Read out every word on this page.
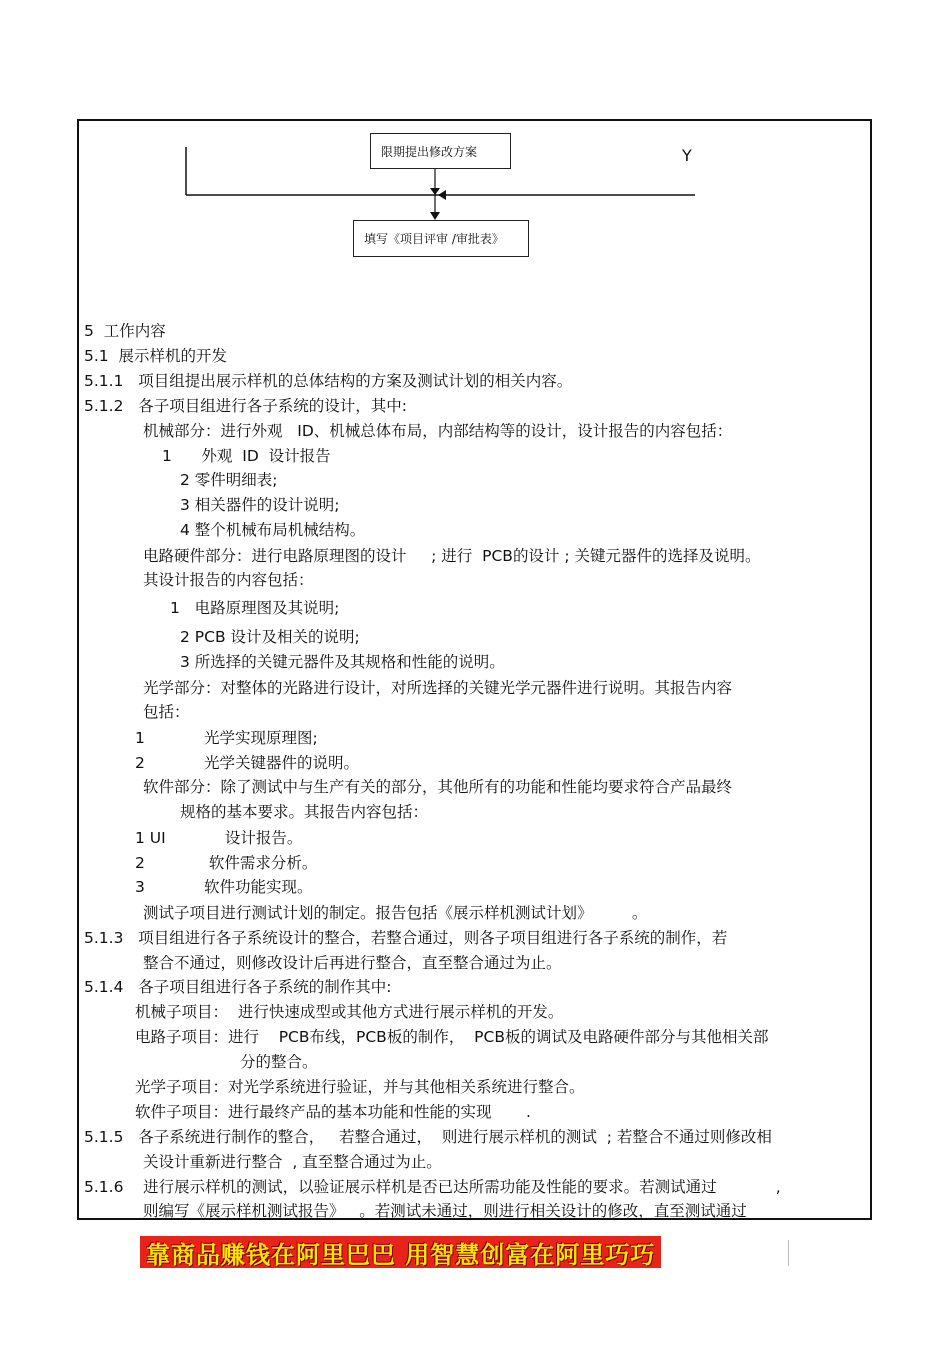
限期提出修改方案
填写《项目评审 /审批表》
Y
5  工作内容
5.1  展示样机的开发
5.1.1   项目组提出展示样机的总体结构的方案及测试计划的相关内容。
5.1.2   各子项目组进行各子系统的设计，其中:
机械部分：进行外观   ID、机械总体布局，内部结构等的设计，设计报告的内容包括：
1      外观  ID  设计报告
2 零件明细表;
3 相关器件的设计说明;
4 整个机械布局机械结构。
电路硬件部分：进行电路原理图的设计     ; 进行  PCB的设计 ; 关键元器件的选择及说明。
其设计报告的内容包括：
1   电路原理图及其说明;
2 PCB 设计及相关的说明;
3 所选择的关键元器件及其规格和性能的说明。
光学部分：对整体的光路进行设计，对所选择的关键光学元器件进行说明。其报告内容
包括：
1            光学实现原理图;
2            光学关键器件的说明。
软件部分：除了测试中与生产有关的部分，其他所有的功能和性能均要求符合产品最终
规格的基本要求。其报告内容包括：
1 UI            设计报告。
2             软件需求分析。
3            软件功能实现。
测试子项目进行测试计划的制定。报告包括《展示样机测试计划》        。
5.1.3   项目组进行各子系统设计的整合，若整合通过，则各子项目组进行各子系统的制作，若
整合不通过，则修改设计后再进行整合，直至整合通过为止。
5.1.4   各子项目组进行各子系统的制作其中:
机械子项目：  进行快速成型或其他方式进行展示样机的开发。
电路子项目：进行    PCB布线，PCB板的制作，  PCB板的调试及电路硬件部分与其他相关部
分的整合。
光学子项目：对光学系统进行验证，并与其他相关系统进行整合。
软件子项目：进行最终产品的基本功能和性能的实现       .
5.1.5   各子系统进行制作的整合，   若整合通过，  则进行展示样机的测试  ; 若整合不通过则修改相
关设计重新进行整合  , 直至整合通过为止。
5.1.6    进行展示样机的测试，以验证展示样机是否已达所需功能及性能的要求。若测试通过            ,
则编写《展示样机测试报告》   。若测试未通过，则进行相关设计的修改，直至测试通过
靠商品赚钱在阿里巴巴 用智慧创富在阿里巧巧
